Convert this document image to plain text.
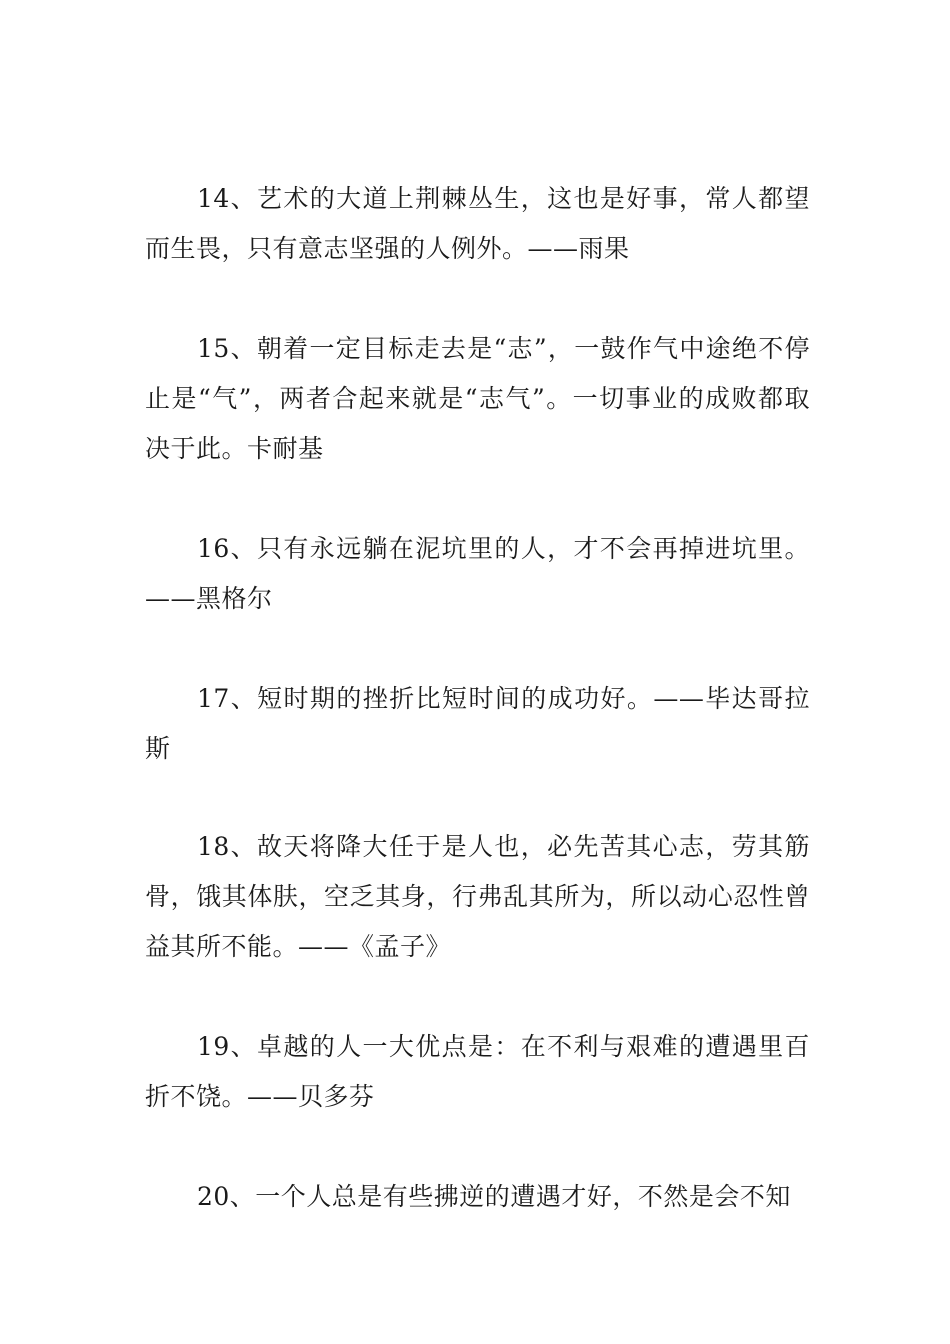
14、艺术的大道上荆棘丛生，这也是好事，常人都望而生畏，只有意志坚强的人例外。——雨果

15、朝着一定目标走去是“志”，一鼓作气中途绝不停止是“气”，两者合起来就是“志气”。一切事业的成败都取决于此。卡耐基

16、只有永远躺在泥坑里的人，才不会再掉进坑里。——黑格尔

17、短时期的挫折比短时间的成功好。——毕达哥拉斯

18、故天将降大任于是人也，必先苦其心志，劳其筋骨，饿其体肤，空乏其身，行弗乱其所为，所以动心忍性曾益其所不能。——《孟子》

19、卓越的人一大优点是：在不利与艰难的遭遇里百折不饶。——贝多芬

20、一个人总是有些拂逆的遭遇才好，不然是会不知
